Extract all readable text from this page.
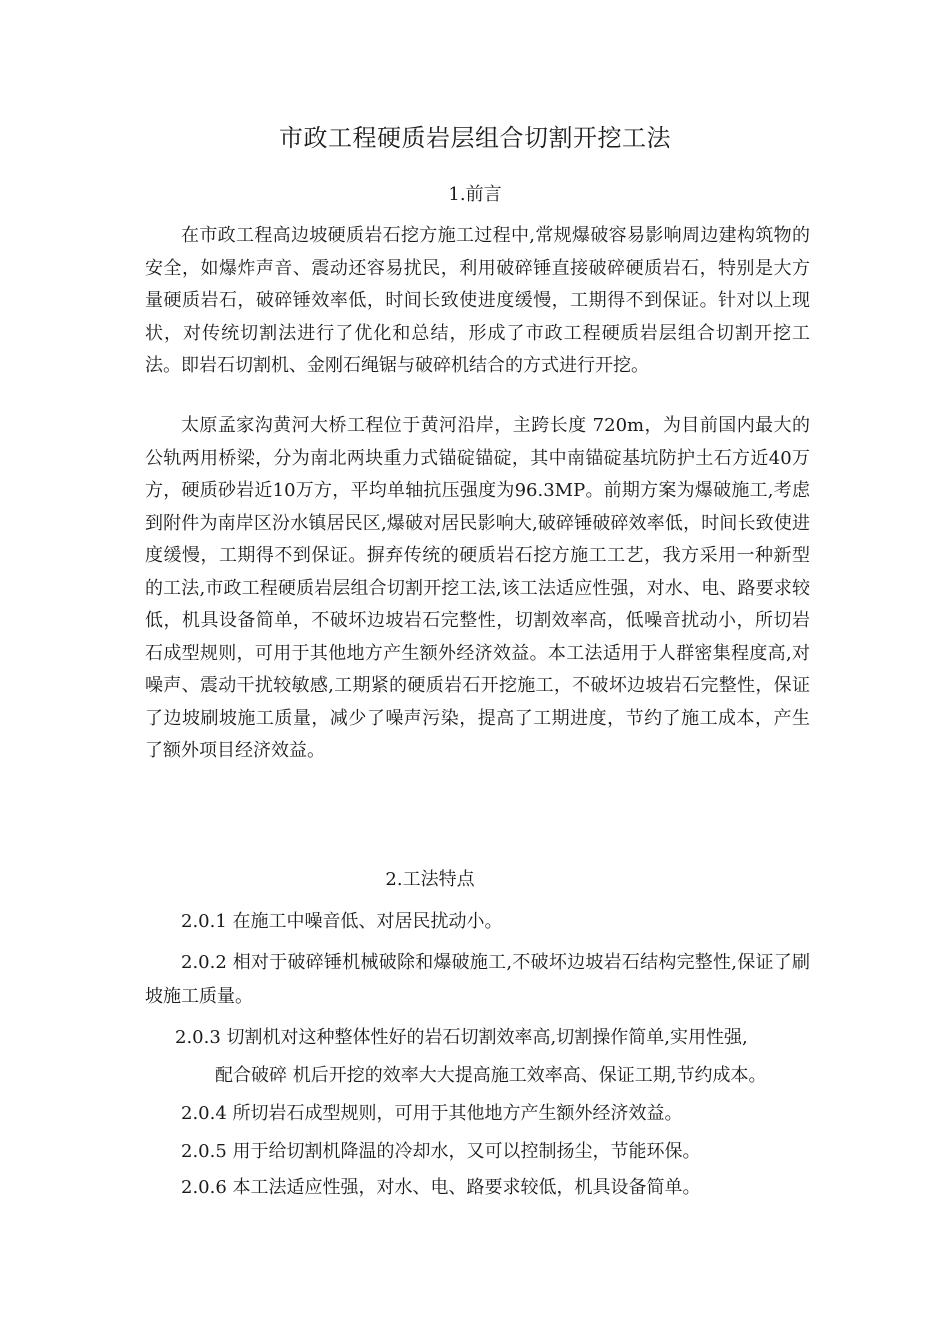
市政工程硬质岩层组合切割开挖工法
1.前言

在市政工程高边坡硬质岩石挖方施工过程中,常规爆破容易影响周边建构筑物的安全，如爆炸声音、震动还容易扰民，利用破碎锤直接破碎硬质岩石，特别是大方量硬质岩石，破碎锤效率低，时间长致使进度缓慢，工期得不到保证。针对以上现状，对传统切割法进行了优化和总结，形成了市政工程硬质岩层组合切割开挖工法。即岩石切割机、金刚石绳锯与破碎机结合的方式进行开挖。

太原孟家沟黄河大桥工程位于黄河沿岸，主跨长度 720m，为目前国内最大的公轨两用桥梁，分为南北两块重力式锚碇锚碇，其中南锚碇基坑防护土石方近40万方，硬质砂岩近10万方，平均单轴抗压强度为96.3MP。前期方案为爆破施工,考虑到附件为南岸区汾水镇居民区,爆破对居民影响大,破碎锤破碎效率低，时间长致使进度缓慢，工期得不到保证。摒弃传统的硬质岩石挖方施工工艺，我方采用一种新型的工法,市政工程硬质岩层组合切割开挖工法,该工法适应性强，对水、电、路要求较低，机具设备简单，不破坏边坡岩石完整性，切割效率高，低噪音扰动小，所切岩石成型规则，可用于其他地方产生额外经济效益。本工法适用于人群密集程度高,对噪声、震动干扰较敏感,工期紧的硬质岩石开挖施工，不破坏边坡岩石完整性，保证了边坡刷坡施工质量，减少了噪声污染，提高了工期进度，节约了施工成本，产生了额外项目经济效益。

2.工法特点

2.0.1 在施工中噪音低、对居民扰动小。

2.0.2 相对于破碎锤机械破除和爆破施工,不破坏边坡岩石结构完整性,保证了刷坡施工质量。

2.0.3 切割机对这种整体性好的岩石切割效率高,切割操作简单,实用性强,

配合破碎 机后开挖的效率大大提高施工效率高、保证工期,节约成本。

2.0.4 所切岩石成型规则，可用于其他地方产生额外经济效益。

2.0.5 用于给切割机降温的冷却水，又可以控制扬尘，节能环保。

2.0.6 本工法适应性强，对水、电、路要求较低，机具设备简单。
